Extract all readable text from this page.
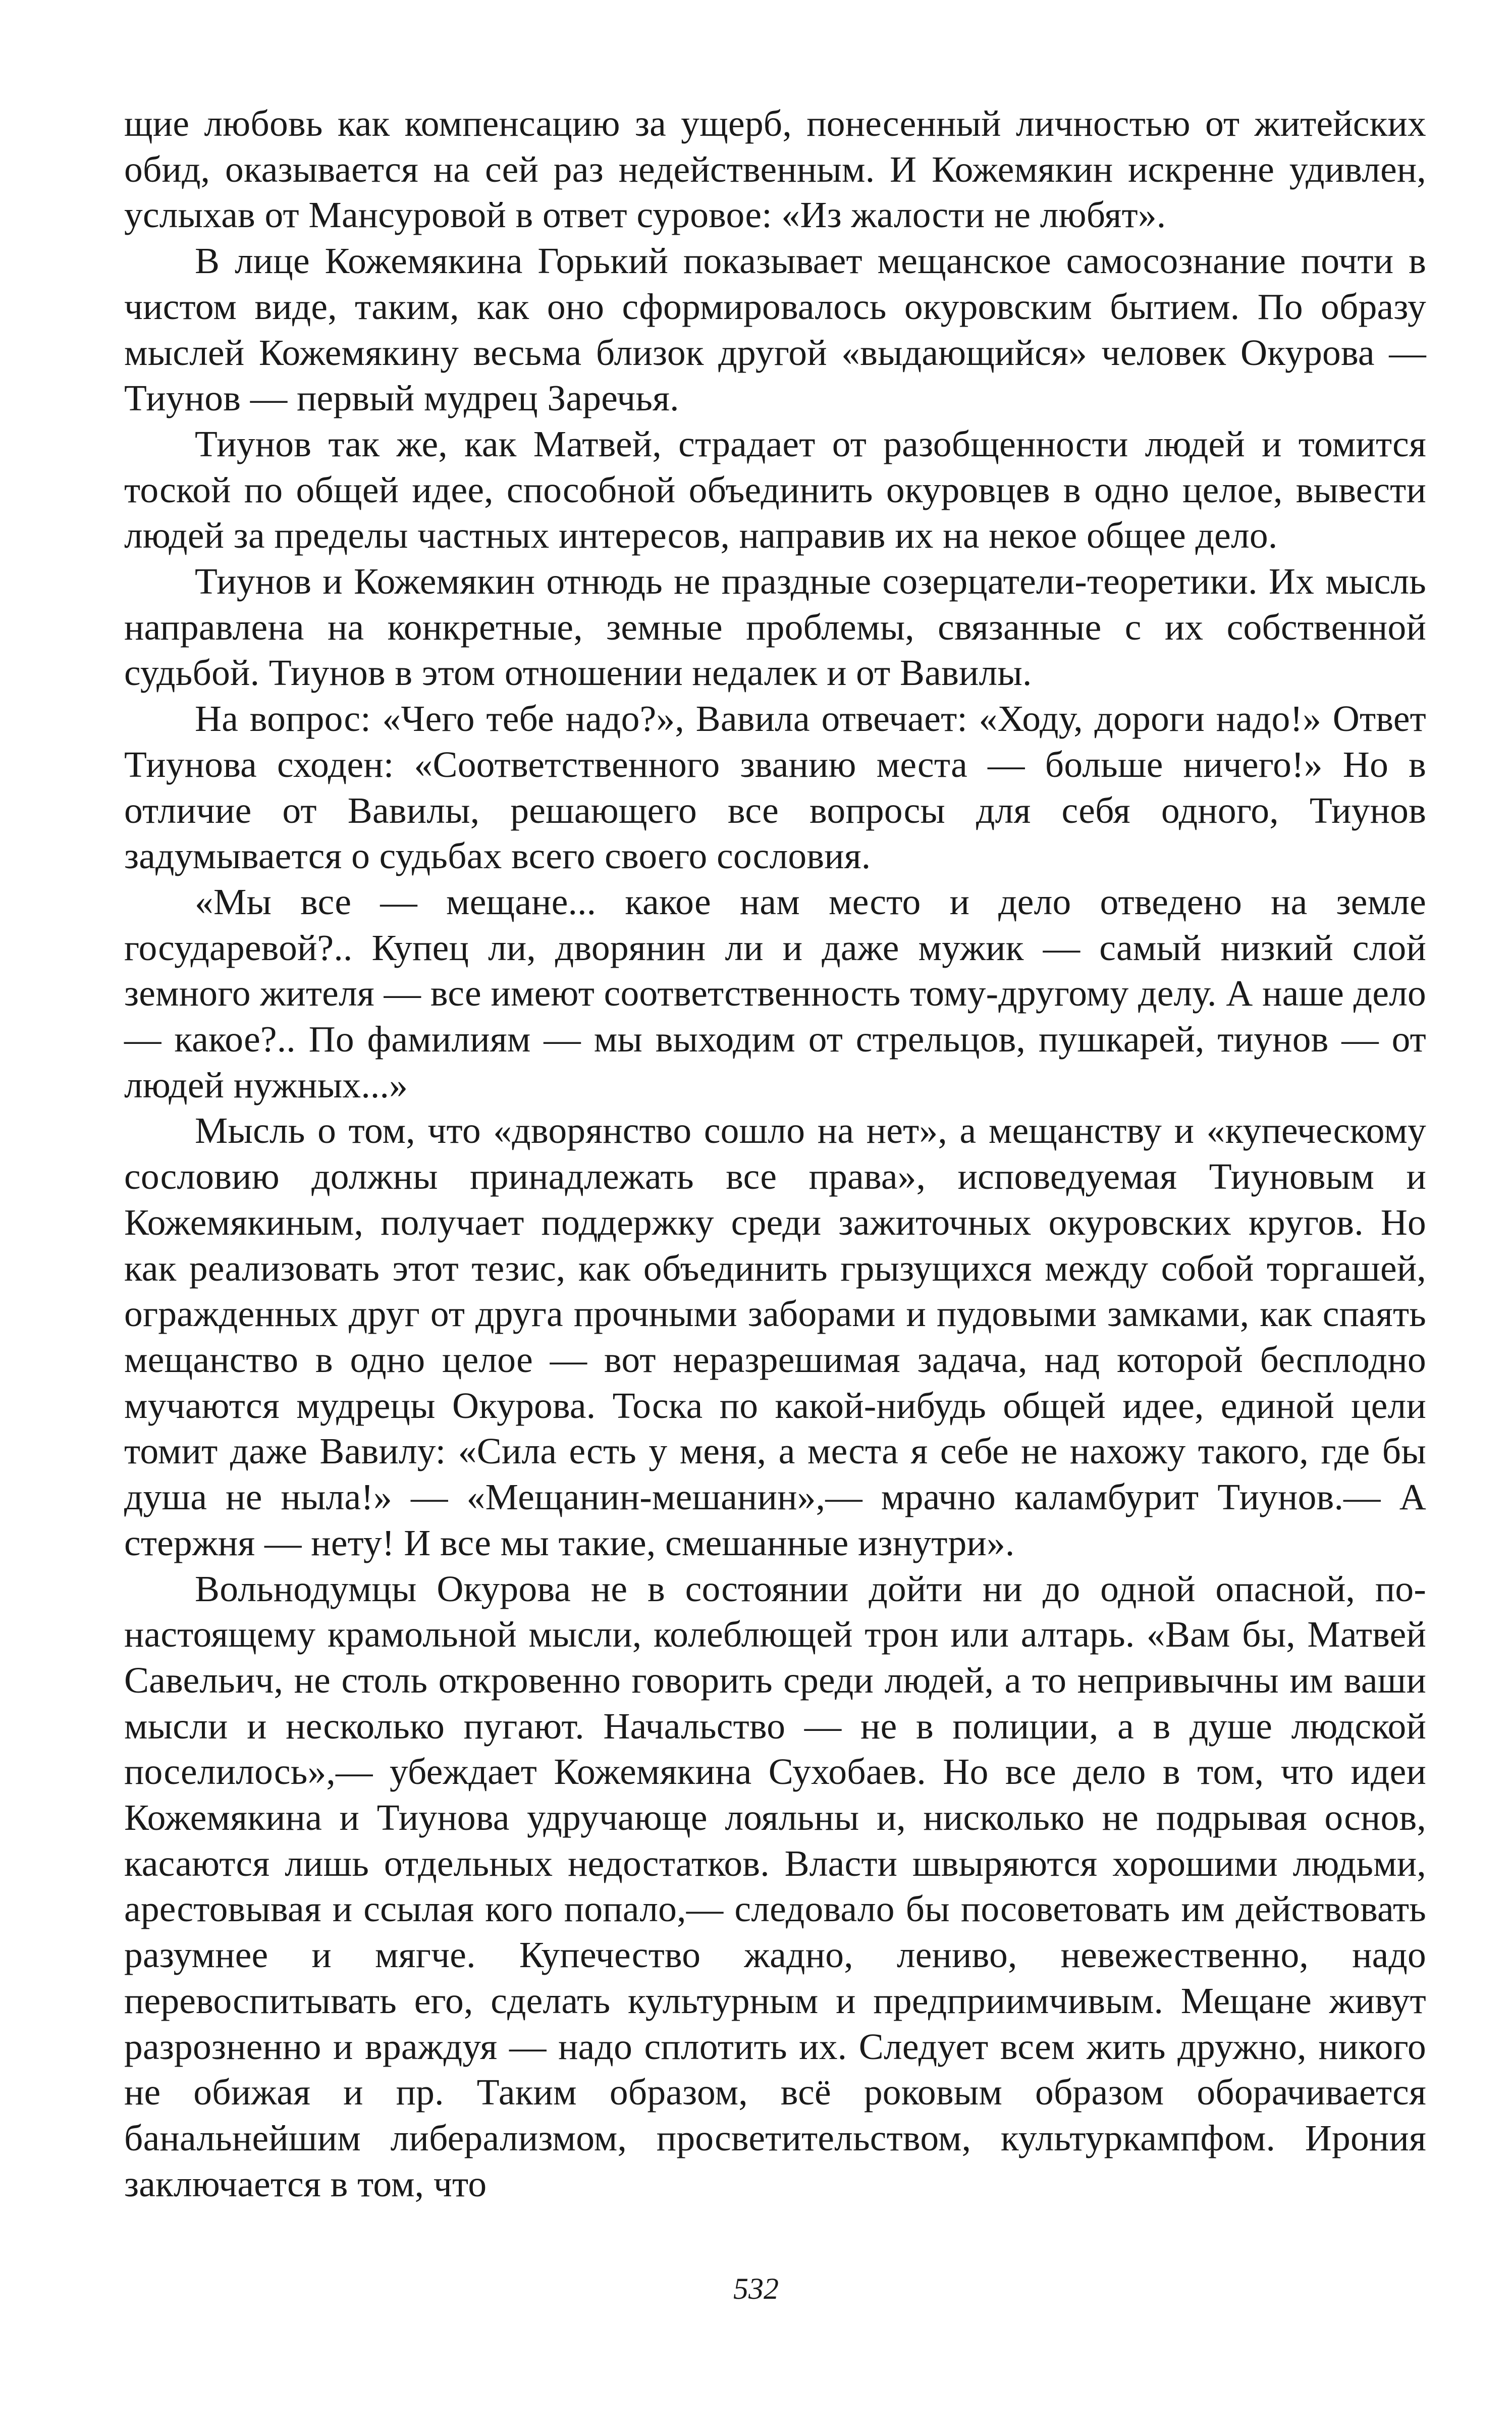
щие любовь как компенсацию за ущерб, понесенный личностью от житейских обид, оказывается на сей раз недейственным. И Кожемякин искренне удивлен, услыхав от Мансуровой в ответ суровое: «Из жалости не любят».

В лице Кожемякина Горький показывает мещанское самосознание почти в чистом виде, таким, как оно сформировалось окуровским бытием. По образу мыслей Кожемякину весьма близок другой «выдающийся» человек Окурова — Тиунов — первый мудрец Заречья.

Тиунов так же, как Матвей, страдает от разобщенности людей и томится тоской по общей идее, способной объединить окуровцев в одно целое, вывести людей за пределы частных интересов, направив их на некое общее дело.

Тиунов и Кожемякин отнюдь не праздные созерцатели-теоретики. Их мысль направлена на конкретные, земные проблемы, связанные с их собственной судьбой. Тиунов в этом отношении недалек и от Вавилы.

На вопрос: «Чего тебе надо?», Вавила отвечает: «Ходу, дороги надо!» Ответ Тиунова сходен: «Соответственного званию места — больше ничего!» Но в отличие от Вавилы, решающего все вопросы для себя одного, Тиунов задумывается о судьбах всего своего сословия.

«Мы все — мещане... какое нам место и дело отведено на земле государевой?.. Купец ли, дворянин ли и даже мужик — самый низкий слой земного жителя — все имеют соответственность тому-другому делу. А наше дело — какое?.. По фамилиям — мы выходим от стрельцов, пушкарей, тиунов — от людей нужных...»

Мысль о том, что «дворянство сошло на нет», а мещанству и «купеческому сословию должны принадлежать все права», исповедуемая Тиуновым и Кожемякиным, получает поддержку среди зажиточных окуровских кругов. Но как реализовать этот тезис, как объединить грызущихся между собой торгашей, огражденных друг от друга прочными заборами и пудовыми замками, как спаять мещанство в одно целое — вот неразрешимая задача, над которой бесплодно мучаются мудрецы Окурова. Тоска по какой-нибудь общей идее, единой цели томит даже Вавилу: «Сила есть у меня, а места я себе не нахожу такого, где бы душа не ныла!» — «Мещанин-мешанин»,— мрачно каламбурит Тиунов.— А стержня — нету! И все мы такие, смешанные изнутри».

Вольнодумцы Окурова не в состоянии дойти ни до одной опасной, по-настоящему крамольной мысли, колеблющей трон или алтарь. «Вам бы, Матвей Савельич, не столь откровенно говорить среди людей, а то непривычны им ваши мысли и несколько пугают. Начальство — не в полиции, а в душе людской поселилось»,— убеждает Кожемякина Сухобаев. Но все дело в том, что идеи Кожемякина и Тиунова удручающе лояльны и, нисколько не подрывая основ, касаются лишь отдельных недостатков. Власти швыряются хорошими людьми, арестовывая и ссылая кого попало,— следовало бы посоветовать им действовать разумнее и мягче. Купечество жадно, лениво, невежественно, надо перевоспитывать его, сделать культурным и предприимчивым. Мещане живут разрозненно и враждуя — надо сплотить их. Следует всем жить дружно, никого не обижая и пр. Таким образом, всё роковым образом оборачивается банальнейшим либерализмом, просветительством, культуркампфом. Ирония заключается в том, что

532
